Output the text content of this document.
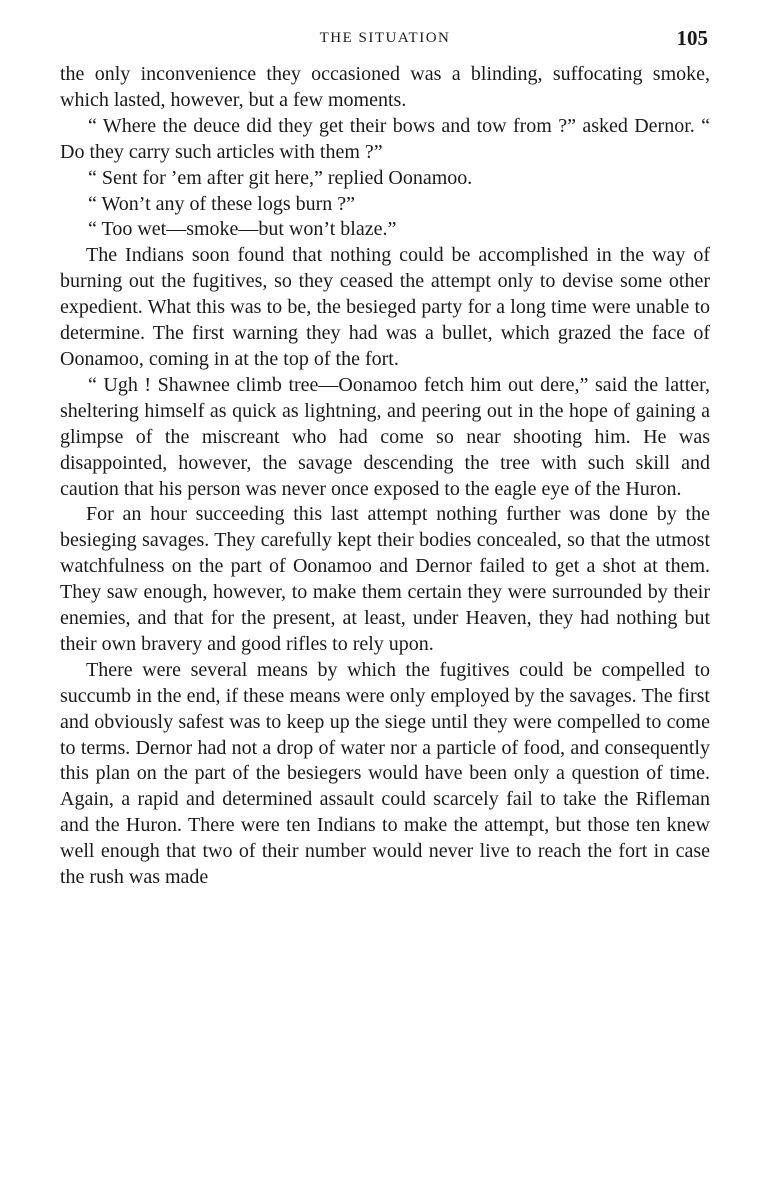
THE SITUATION	105

the only inconvenience they occasioned was a blinding, suffocating smoke, which lasted, however, but a few moments.

“ Where the deuce did they get their bows and tow from ?” asked Dernor. “ Do they carry such articles with them ?”

“ Sent for ’em after git here,” replied Oonamoo.

“ Won’t any of these logs burn ?”

“ Too wet—smoke—but won’t blaze.”

The Indians soon found that nothing could be accomplished in the way of burning out the fugitives, so they ceased the attempt only to devise some other expedient. What this was to be, the besieged party for a long time were unable to determine. The first warning they had was a bullet, which grazed the face of Oonamoo, coming in at the top of the fort.

“ Ugh ! Shawnee climb tree—Oonamoo fetch him out dere,” said the latter, sheltering himself as quick as lightning, and peering out in the hope of gaining a glimpse of the miscreant who had come so near shooting him. He was disappointed, however, the savage descending the tree with such skill and caution that his person was never once exposed to the eagle eye of the Huron.

For an hour succeeding this last attempt nothing further was done by the besieging savages. They carefully kept their bodies concealed, so that the utmost watchfulness on the part of Oonamoo and Dernor failed to get a shot at them. They saw enough, however, to make them certain they were surrounded by their enemies, and that for the present, at least, under Heaven, they had nothing but their own bravery and good rifles to rely upon.

There were several means by which the fugitives could be compelled to succumb in the end, if these means were only employed by the savages. The first and obviously safest was to keep up the siege until they were compelled to come to terms. Dernor had not a drop of water nor a particle of food, and consequently this plan on the part of the besiegers would have been only a question of time. Again, a rapid and determined assault could scarcely fail to take the Rifleman and the Huron. There were ten Indians to make the attempt, but those ten knew well enough that two of their number would never live to reach the fort in case the rush was made
